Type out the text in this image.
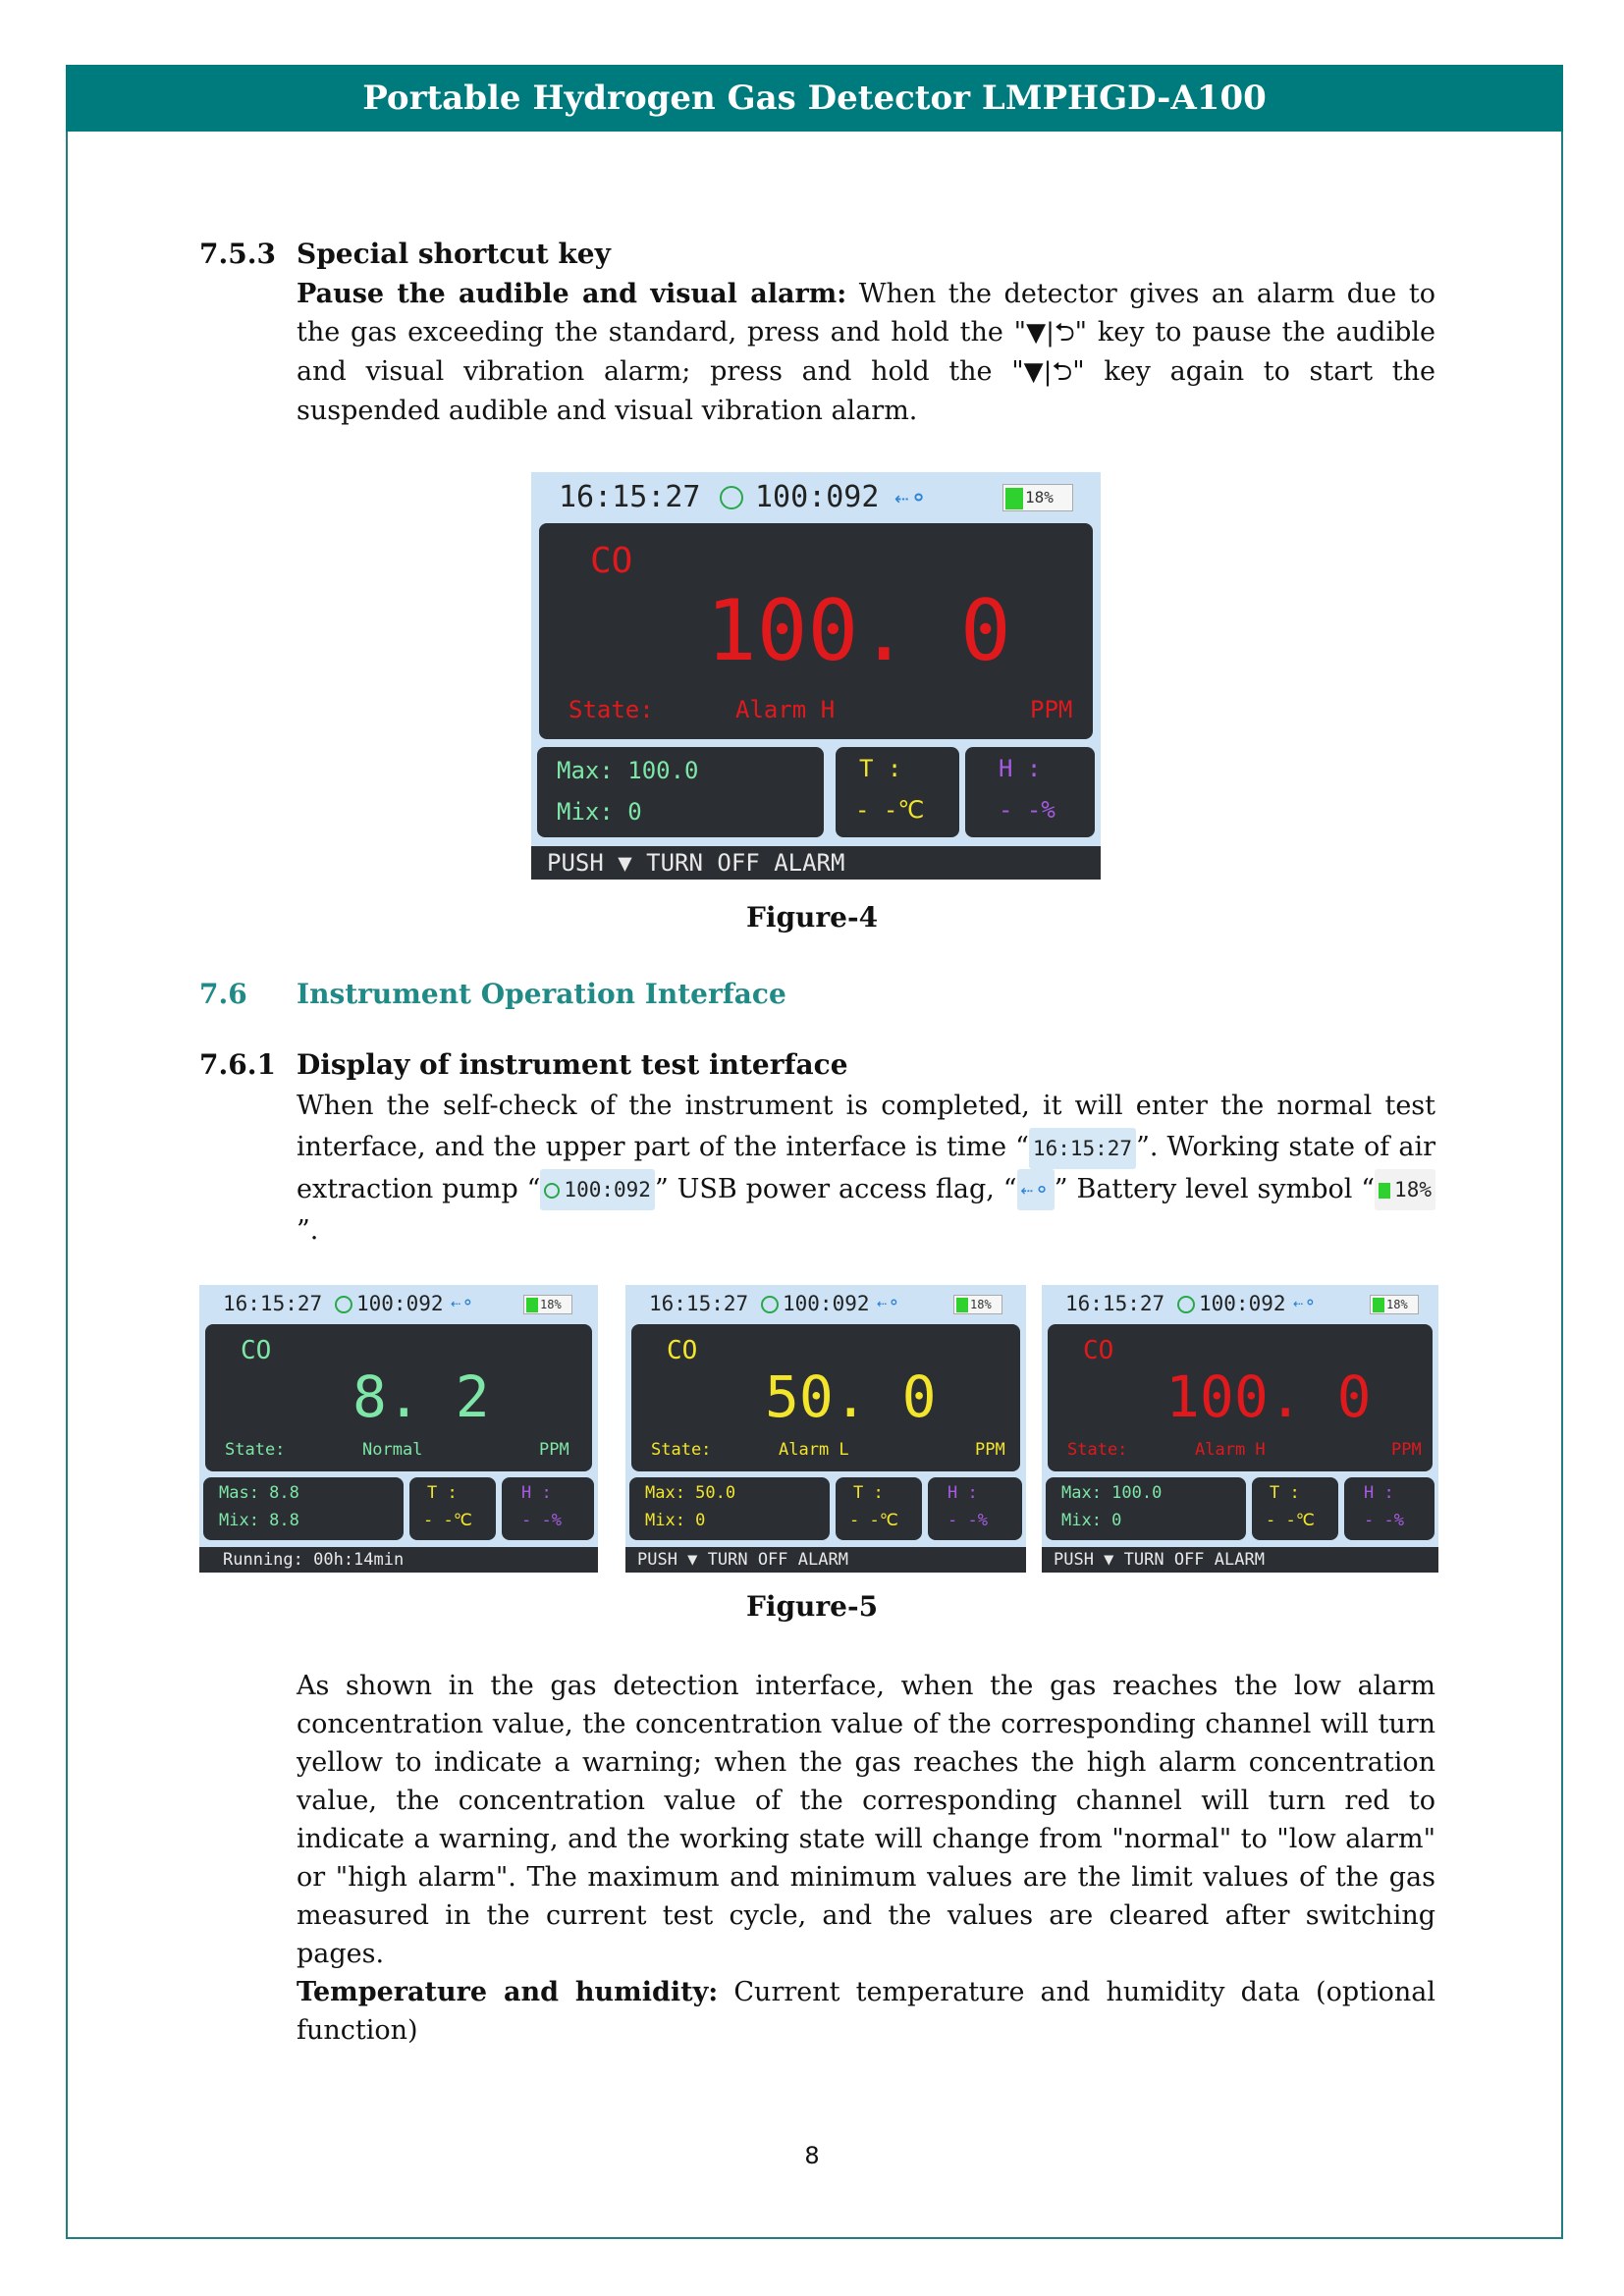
Portable Hydrogen Gas Detector LMPHGD-A100
7.5.3 Special shortcut key
Pause the audible and visual alarm: When the detector gives an alarm due to the gas exceeding the standard, press and hold the "▼|⮌" key to pause the audible and visual vibration alarm; press and hold the "▼|⮌" key again to start the suspended audible and visual vibration alarm.
16:15:27 100:092 ⇠⚬	18%
CO
100. 0
State:	Alarm H	PPM
Max: 100.0
Mix: 0
T :
- -℃
H :
- -%
PUSH ▼ TURN OFF ALARM
Figure-4
7.6 Instrument Operation Interface
7.6.1 Display of instrument test interface
When the self-check of the instrument is completed, it will enter the normal test interface, and the upper part of the interface is time “ 16:15:27 ”. Working state of air extraction pump “ 100:092 ” USB power access flag, “ ⇠⚬ ” Battery level symbol “ 18%”.
16:15:27 100:092 ⇠⚬	18%
CO
8. 2
State:	Normal	PPM
Mas: 8.8
Mix: 8.8
T :
- -℃
H :
- -%
Running: 00h:14min
16:15:27 100:092 ⇠⚬	18%
CO
50. 0
State:	Alarm L	PPM
Max: 50.0
Mix: 0
T :
- -℃
H :
- -%
PUSH ▼ TURN OFF ALARM
16:15:27 100:092 ⇠⚬	18%
CO
100. 0
State:	Alarm H	PPM
Max: 100.0
Mix: 0
T :
- -℃
H :
- -%
PUSH ▼ TURN OFF ALARM
Figure-5
As shown in the gas detection interface, when the gas reaches the low alarm concentration value, the concentration value of the corresponding channel will turn yellow to indicate a warning; when the gas reaches the high alarm concentration value, the concentration value of the corresponding channel will turn red to indicate a warning, and the working state will change from "normal" to "low alarm" or "high alarm". The maximum and minimum values are the limit values of the gas measured in the current test cycle, and the values are cleared after switching pages.
Temperature and humidity: Current temperature and humidity data (optional function)
8
